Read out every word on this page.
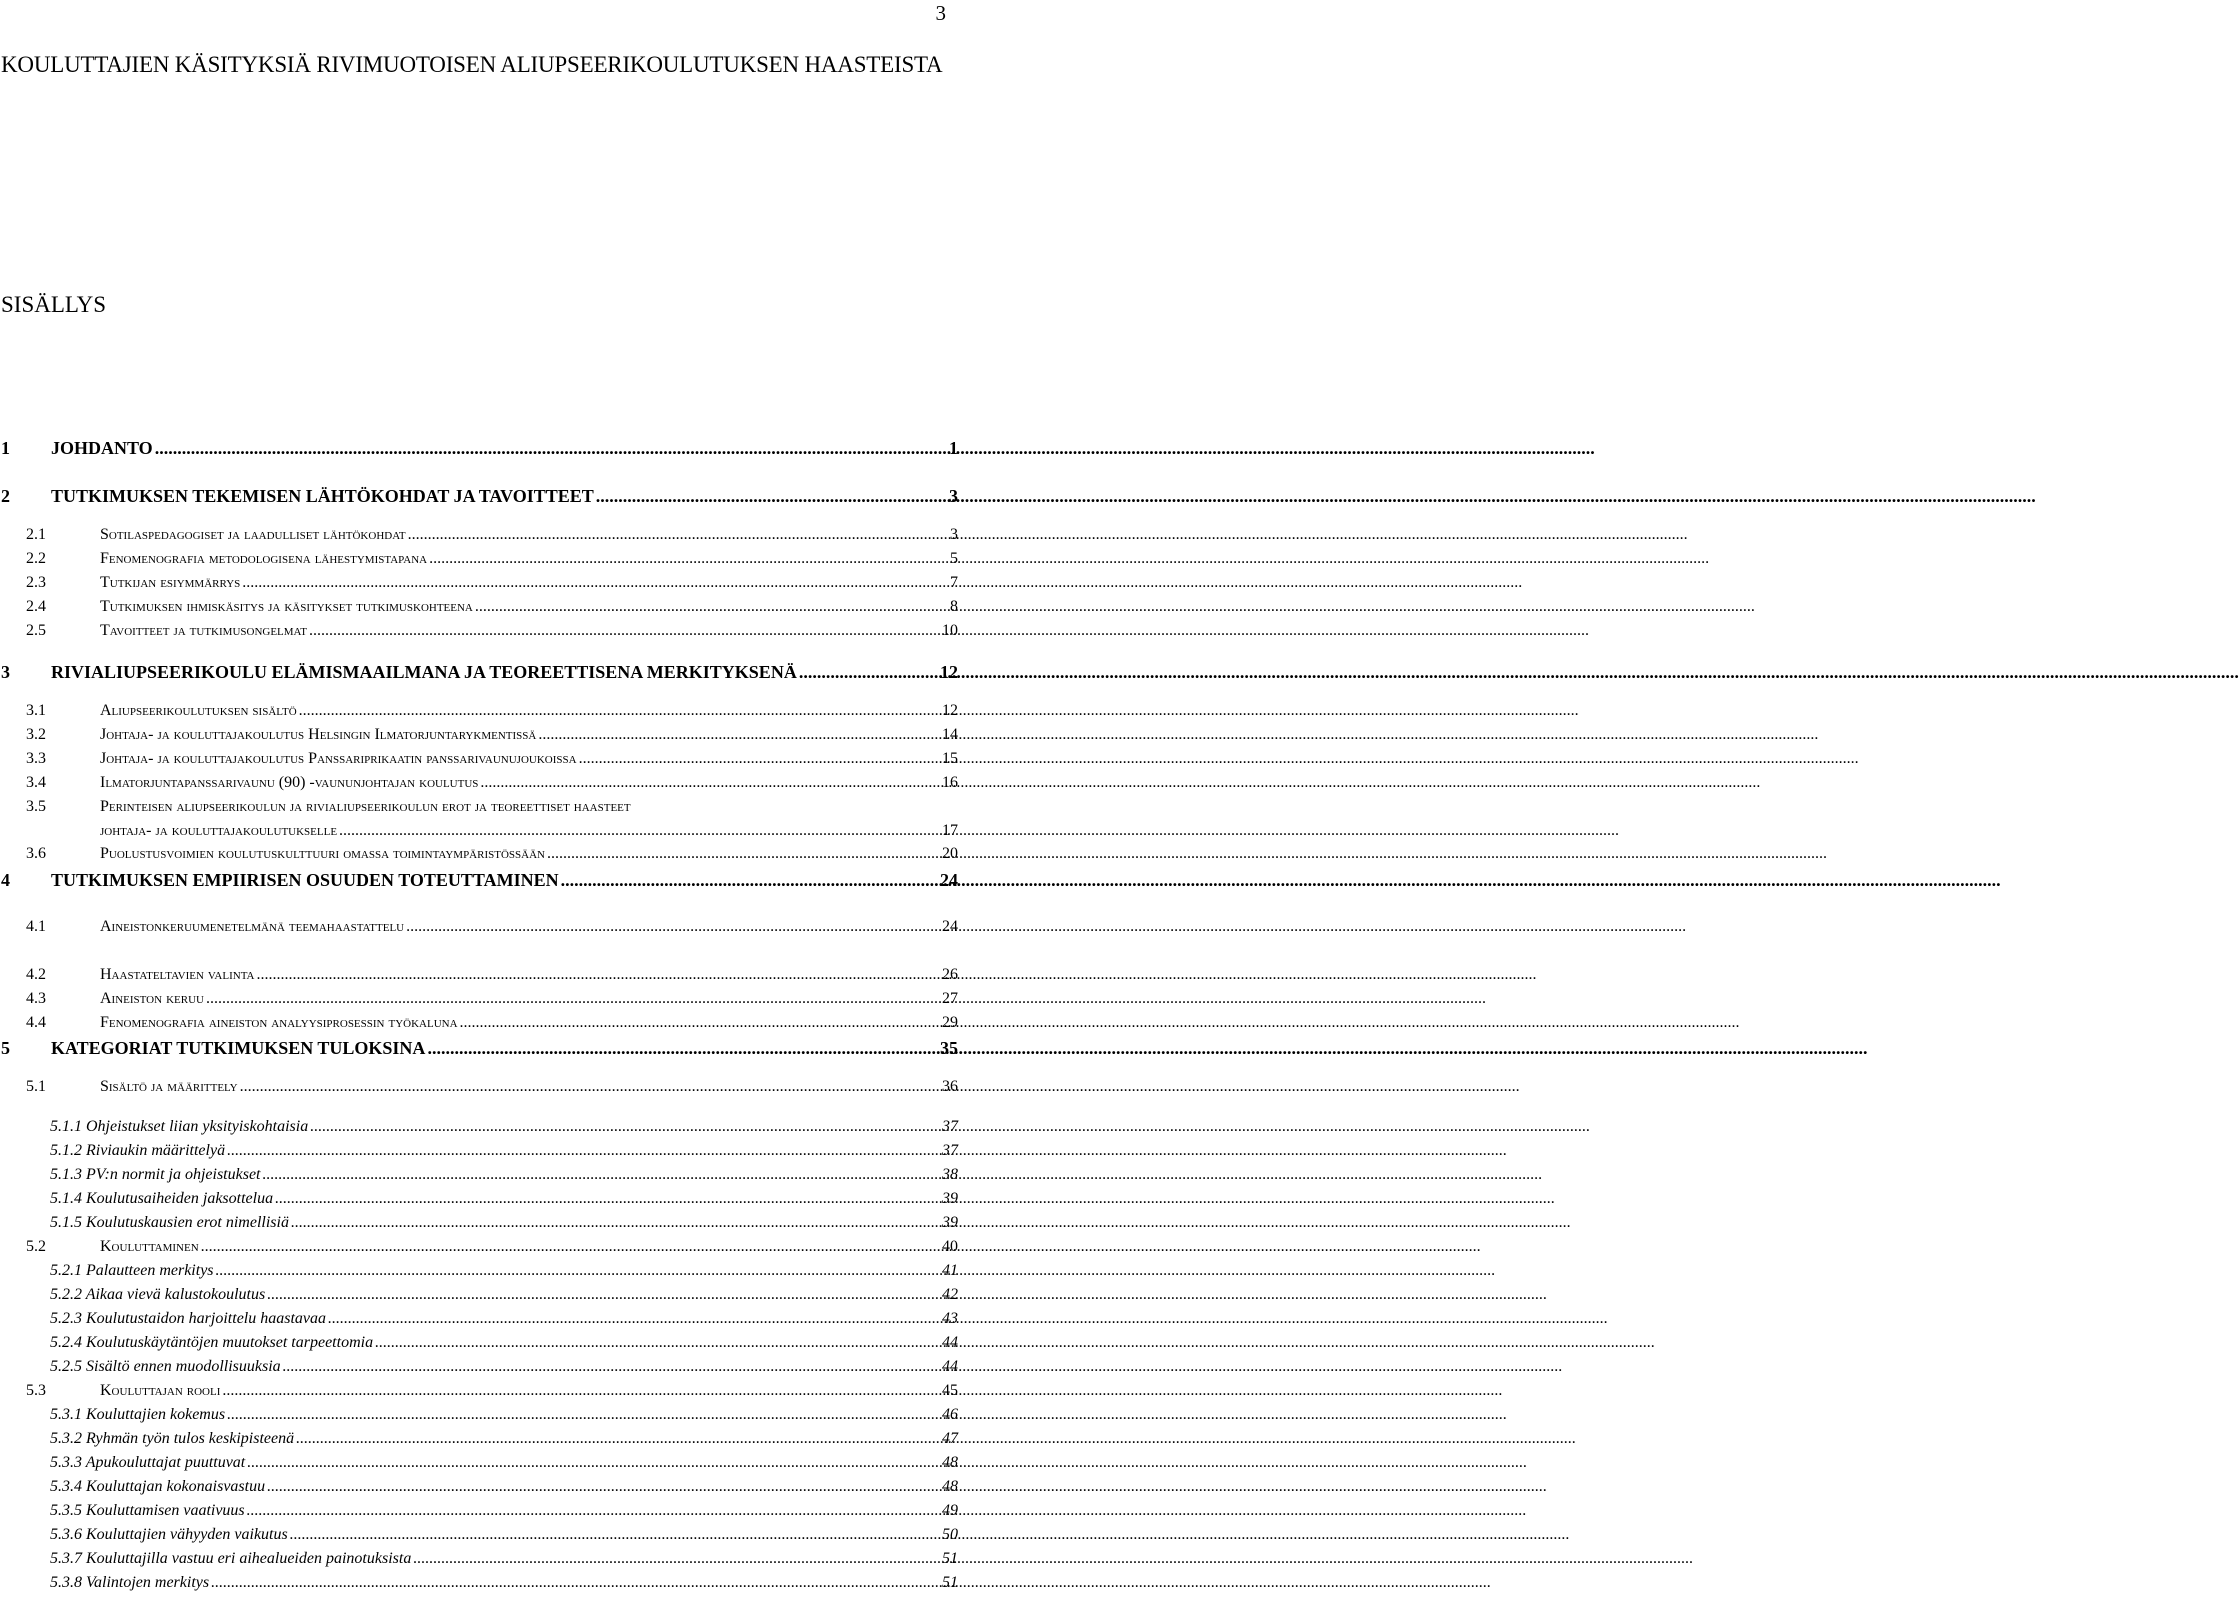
3
KOULUTTAJIEN KÄSITYKSIÄ RIVIMUOTOISEN ALIUPSEERIKOULUTUKSEN HAASTEISTA
SISÄLLYS
1 JOHDANTO .....	1
2 TUTKIMUKSEN TEKEMISEN LÄHTÖKOHDAT JA TAVOITTEET .....	3
2.1	Sotilaspedagogiset ja laadulliset lähtökohdat .....	3
2.2	Fenomenografia metodologisena lähestymistapana .....	5
2.3	Tutkijan esiymmärrys .....	7
2.4	Tutkimuksen ihmiskäsitys ja käsitykset tutkimuskohteena .....	8
2.5	Tavoitteet ja tutkimusongelmat .....	10
3 RIVIALIUPSEERIKOULU ELÄMISMAAILMANA JA TEOREETTISENA MERKITYKSENÄ .....	12
3.1	Aliupseerikoulutuksen sisältö .....	12
3.2	Johtaja- ja kouluttajakoulutus Helsingin Ilmatorjuntarykmentissä .....	14
3.3	Johtaja- ja kouluttajakoulutus Panssariprikaatin panssarivaunujoukoissa .....	15
3.4	Ilmatorjuntapanssarivaunu (90) -vaununjohtajan koulutus .....	16
3.5	Perinteisen aliupseerikoulun ja rivialiupseerikoulun erot ja teoreettiset haasteet
johtaja- ja kouluttajakoulutukselle .....	17
3.6	Puolustusvoimien koulutuskulttuuri omassa toimintaympäristössään .....	20
4 TUTKIMUKSEN EMPIIRISEN OSUUDEN TOTEUTTAMINEN .....	24
4.1	Aineistonkeruumenetelmänä teemahaastattelu .....	24
4.2	Haastateltavien valinta .....	26
4.3	Aineiston keruu .....	27
4.4	Fenomenografia aineiston analyysiprosessin työkaluna .....	29
5 KATEGORIAT TUTKIMUKSEN TULOKSINA .....	35
5.1	Sisältö ja määrittely .....	36
5.1.1 Ohjeistukset liian yksityiskohtaisia .....	37
5.1.2 Riviaukin määrittelyä .....	37
5.1.3 PV:n normit ja ohjeistukset .....	38
5.1.4 Koulutusaiheiden jaksottelua .....	39
5.1.5 Koulutuskausien erot nimellisiä .....	39
5.2	Kouluttaminen .....	40
5.2.1 Palautteen merkitys .....	41
5.2.2 Aikaa vievä kalustokoulutus .....	42
5.2.3 Koulutustaidon harjoittelu haastavaa .....	43
5.2.4 Koulutuskäytäntöjen muutokset tarpeettomia .....	44
5.2.5 Sisältö ennen muodollisuuksia .....	44
5.3	Kouluttajan rooli .....	45
5.3.1 Kouluttajien kokemus .....	46
5.3.2 Ryhmän työn tulos keskipisteenä .....	47
5.3.3 Apukouluttajat puuttuvat .....	48
5.3.4 Kouluttajan kokonaisvastuu .....	48
5.3.5 Kouluttamisen vaativuus .....	49
5.3.6 Kouluttajien vähyyden vaikutus .....	50
5.3.7 Kouluttajilla vastuu eri aihealueiden painotuksista .....	51
5.3.8 Valintojen merkitys .....	51
